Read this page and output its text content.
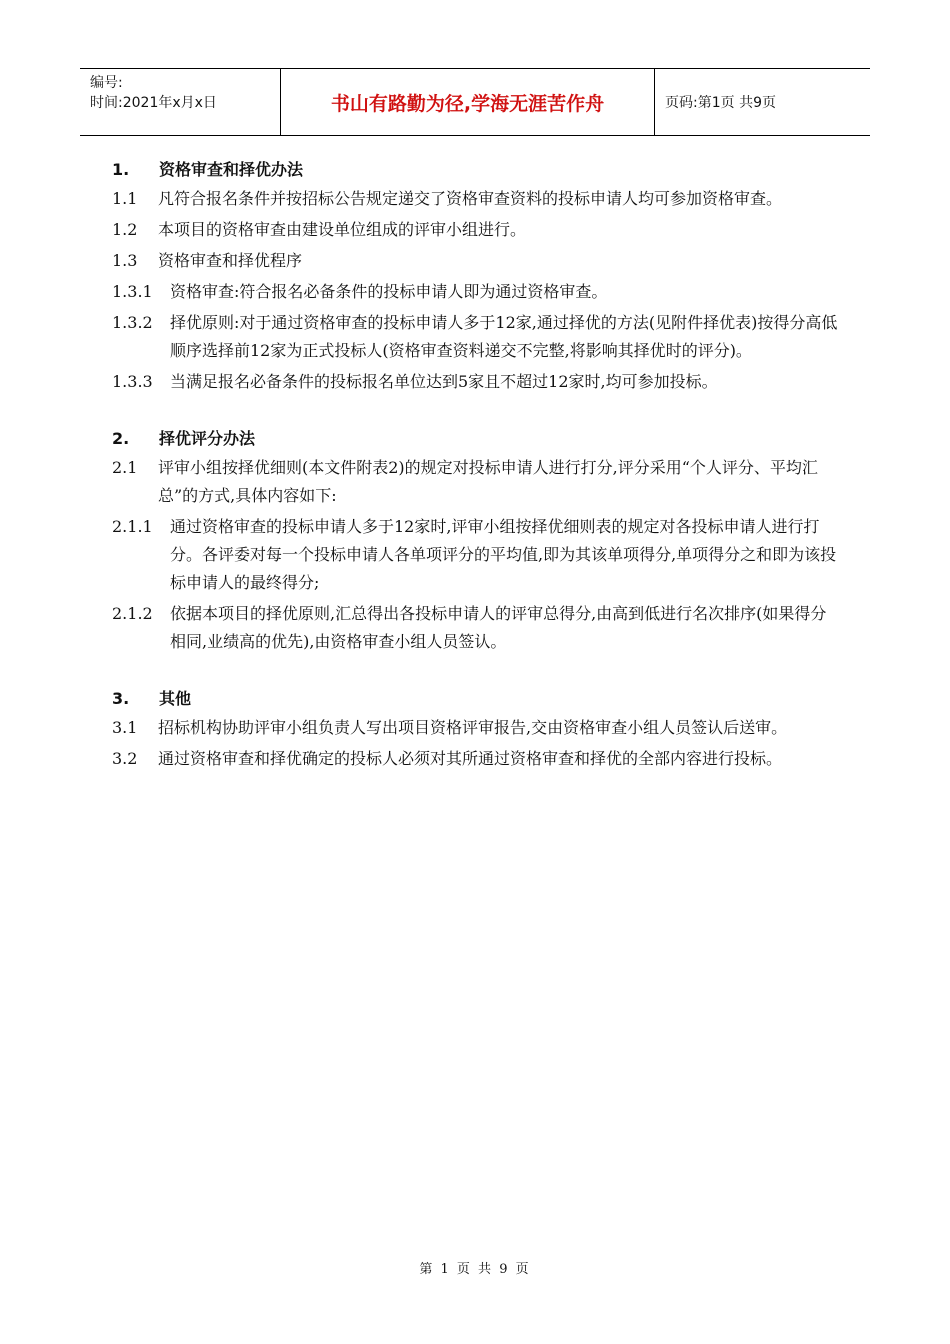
编号:
时间:2021年x月x日	书山有路勤为径,学海无涯苦作舟	页码:第1页 共9页
1.	资格审查和择优办法
1.1	凡符合报名条件并按招标公告规定递交了资格审查资料的投标申请人均可参加资格审查。
1.2	本项目的资格审查由建设单位组成的评审小组进行。
1.3	资格审查和择优程序
1.3.1	资格审查:符合报名必备条件的投标申请人即为通过资格审查。
1.3.2	择优原则:对于通过资格审查的投标申请人多于12家,通过择优的方法(见附件择优表)按得分高低顺序选择前12家为正式投标人(资格审查资料递交不完整,将影响其择优时的评分)。
1.3.3	当满足报名必备条件的投标报名单位达到5家且不超过12家时,均可参加投标。
2.	择优评分办法
2.1	评审小组按择优细则(本文件附表2)的规定对投标申请人进行打分,评分采用“个人评分、平均汇总”的方式,具体内容如下:
2.1.1	通过资格审查的投标申请人多于12家时,评审小组按择优细则表的规定对各投标申请人进行打分。各评委对每一个投标申请人各单项评分的平均值,即为其该单项得分,单项得分之和即为该投标申请人的最终得分;
2.1.2	依据本项目的择优原则,汇总得出各投标申请人的评审总得分,由高到低进行名次排序(如果得分相同,业绩高的优先),由资格审查小组人员签认。
3.	其他
3.1	招标机构协助评审小组负责人写出项目资格评审报告,交由资格审查小组人员签认后送审。
3.2	通过资格审查和择优确定的投标人必须对其所通过资格审查和择优的全部内容进行投标。
第 1 页 共 9 页
